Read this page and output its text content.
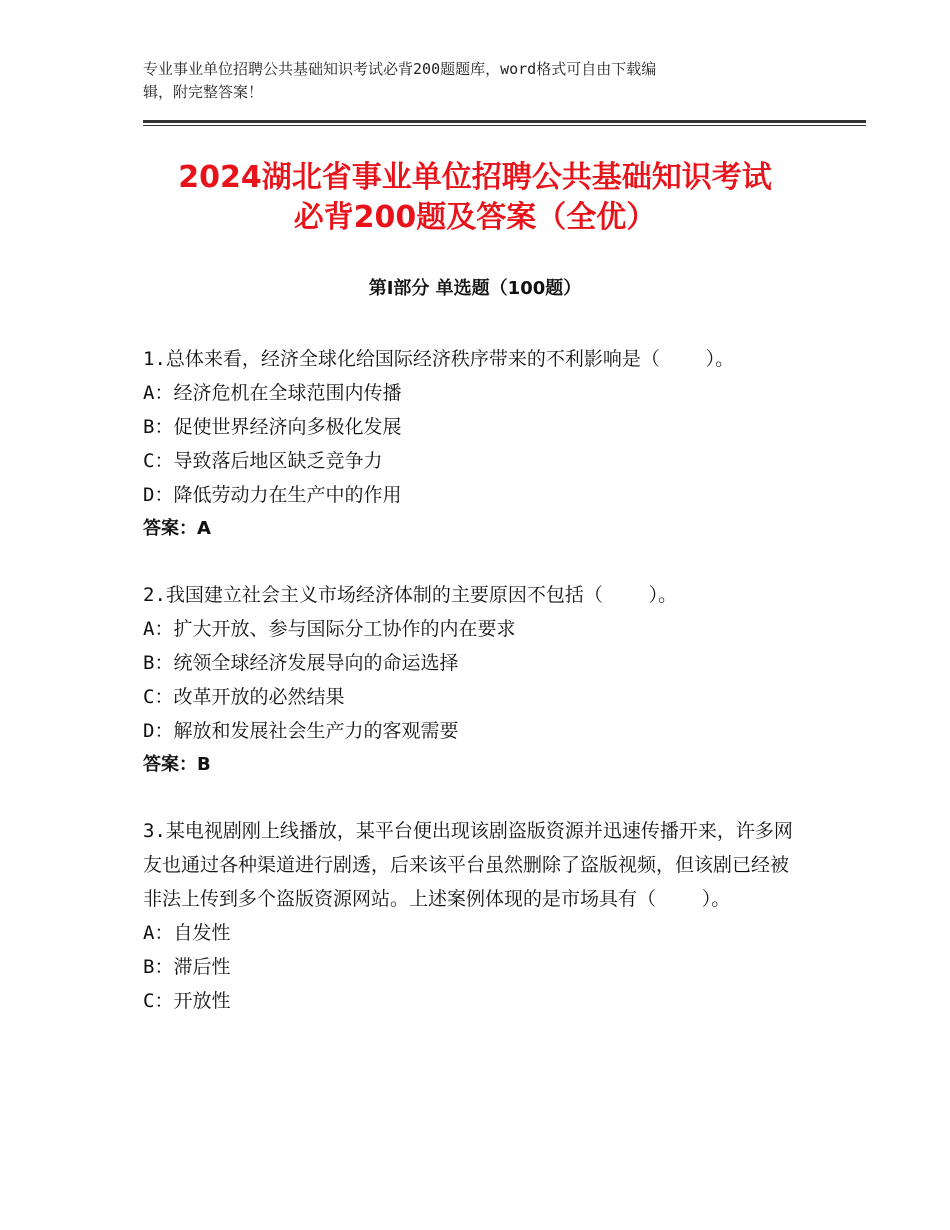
专业事业单位招聘公共基础知识考试必背200题题库，word格式可自由下载编
辑，附完整答案！
2024湖北省事业单位招聘公共基础知识考试
必背200题及答案（全优）
第Ⅰ部分 单选题（100题）

1.总体来看，经济全球化给国际经济秩序带来的不利影响是（    ）。

A：经济危机在全球范围内传播

B：促使世界经济向多极化发展

C：导致落后地区缺乏竞争力

D：降低劳动力在生产中的作用

答案：A

2.我国建立社会主义市场经济体制的主要原因不包括（    ）。

A：扩大开放、参与国际分工协作的内在要求

B：统领全球经济发展导向的命运选择

C：改革开放的必然结果

D：解放和发展社会生产力的客观需要

答案：B

3.某电视剧刚上线播放，某平台便出现该剧盗版资源并迅速传播开来，许多网友也通过各种渠道进行剧透，后来该平台虽然删除了盗版视频，但该剧已经被非法上传到多个盗版资源网站。上述案例体现的是市场具有（    ）。

A：自发性

B：滞后性

C：开放性
